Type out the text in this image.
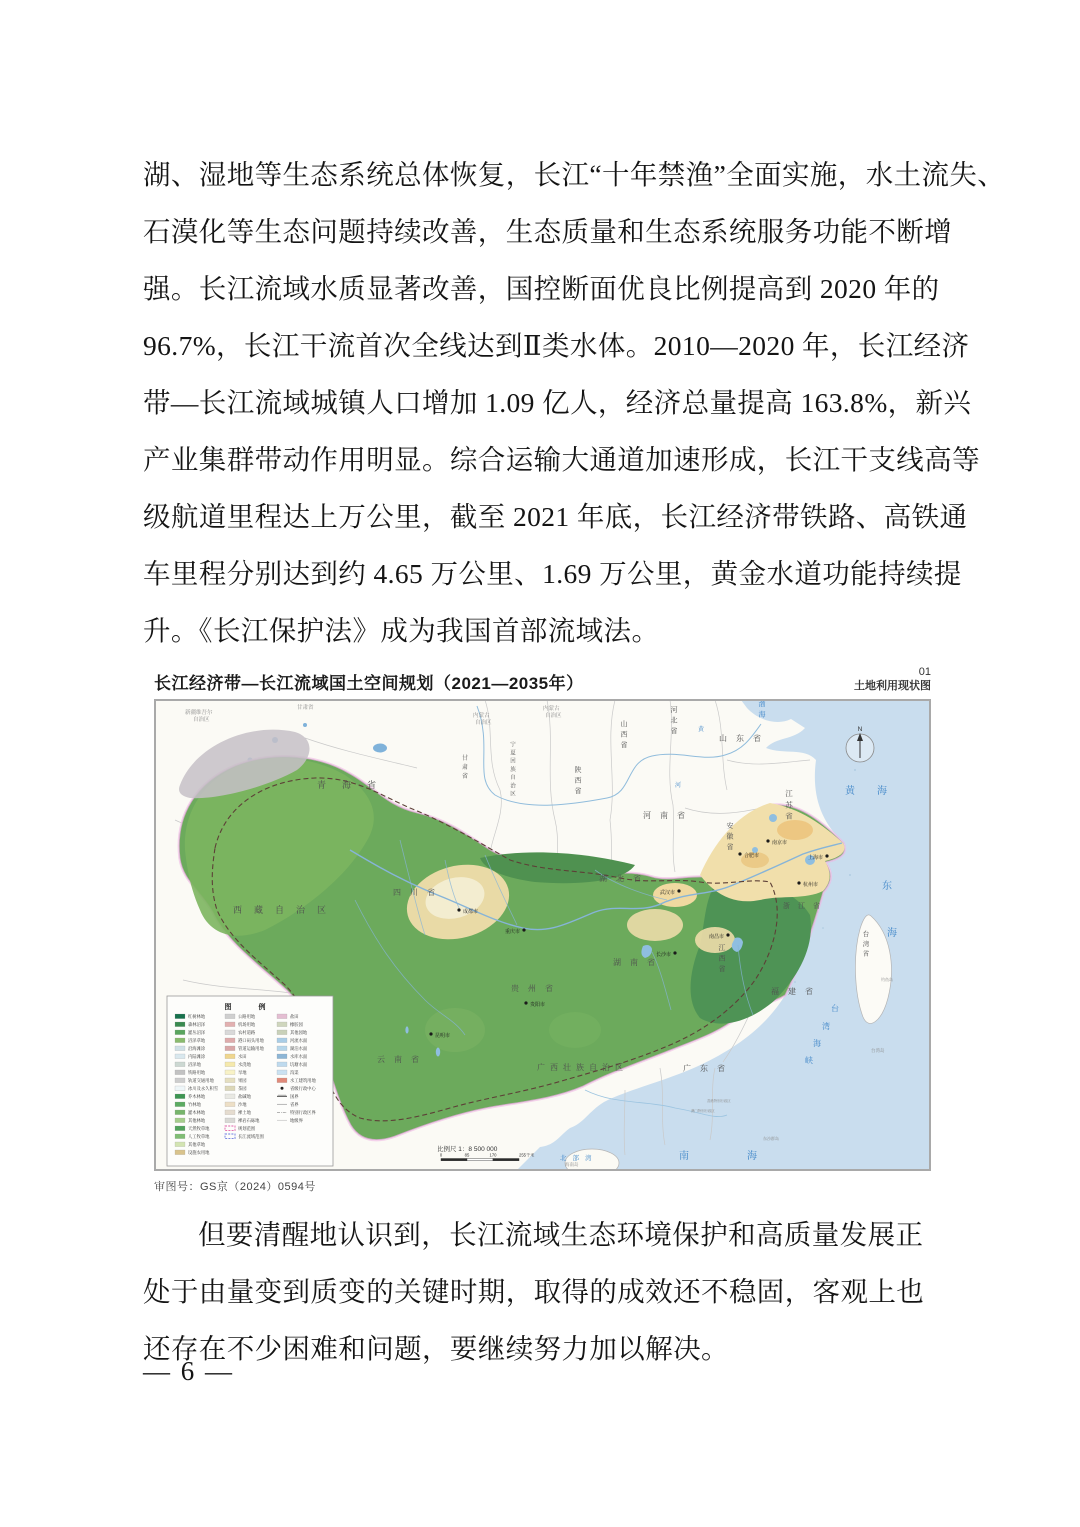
湖、湿地等生态系统总体恢复，长江“十年禁渔”全面实施，水土流失、
石漠化等生态问题持续改善，生态质量和生态系统服务功能不断增
强。长江流域水质显著改善，国控断面优良比例提高到 2020 年的
96.7%，长江干流首次全线达到Ⅱ类水体。2010—2020 年，长江经济
带—长江流域城镇人口增加 1.09 亿人，经济总量提高 163.8%，新兴
产业集群带动作用明显。综合运输大通道加速形成，长江干支线高等
级航道里程达上万公里，截至 2021 年底，长江经济带铁路、高铁通
车里程分别达到约 4.65 万公里、1.69 万公里，黄金水道功能持续提
升。《长江保护法》成为我国首部流域法。
长江经济带—长江流域国土空间规划（2021—2035年）
01
土地利用现状图
N
青海省
西藏自治区
陕西省
山西省
河北省
山东省
河南省
江苏省
安徽省
浙江省
江西省
湖北省
湖南省
四川省
贵州省
云南省
广西壮族自治区	广东省
福建省
台湾省
宁夏回族自治区
甘肃省
渤海
黄海
东
海
台
湾
海
峡
南海
北部湾
黄
河
新疆维吾尔
自治区
甘肃省
内蒙古
自治区
内蒙古
自治区
台湾岛
海南岛
东沙群岛
钓鱼岛
香港特别行政区
澳门特别行政区
成都市
重庆市
贵阳市
昆明市
武汉市
长沙市
南昌市
合肥市
南京市
杭州市
上海市
图　例
红树林地
森林沼泽
灌丛沼泽
沼泽草地
沿海滩涂
内陆滩涂
沼泽地
铁路用地
轨道交通用地
冰川及永久积雪
乔木林地
竹林地
灌木林地
其他林地
天然牧草地
人工牧草地
其他草地
设施农用地
公路用地
机场用地
农村道路
港口码头用地
管道运输用地
水田
水浇地
旱地
果园
茶园
盐碱地
沙地
裸土地
裸岩石砾地
规划范围
长江流域范围
盐田
橡胶园
其他园地
河流水面
湖泊水面
水库水面
坑塘水面
沟渠
水工建筑用地
省级行政中心
国界
省界
特别行政区界
地级界
比例尺 1：8 500 000
0	85	170	255千米
审图号：GS京（2024）0594号
但要清醒地认识到，长江流域生态环境保护和高质量发展正
处于由量变到质变的关键时期，取得的成效还不稳固，客观上也
还存在不少困难和问题，要继续努力加以解决。
— 6 —
